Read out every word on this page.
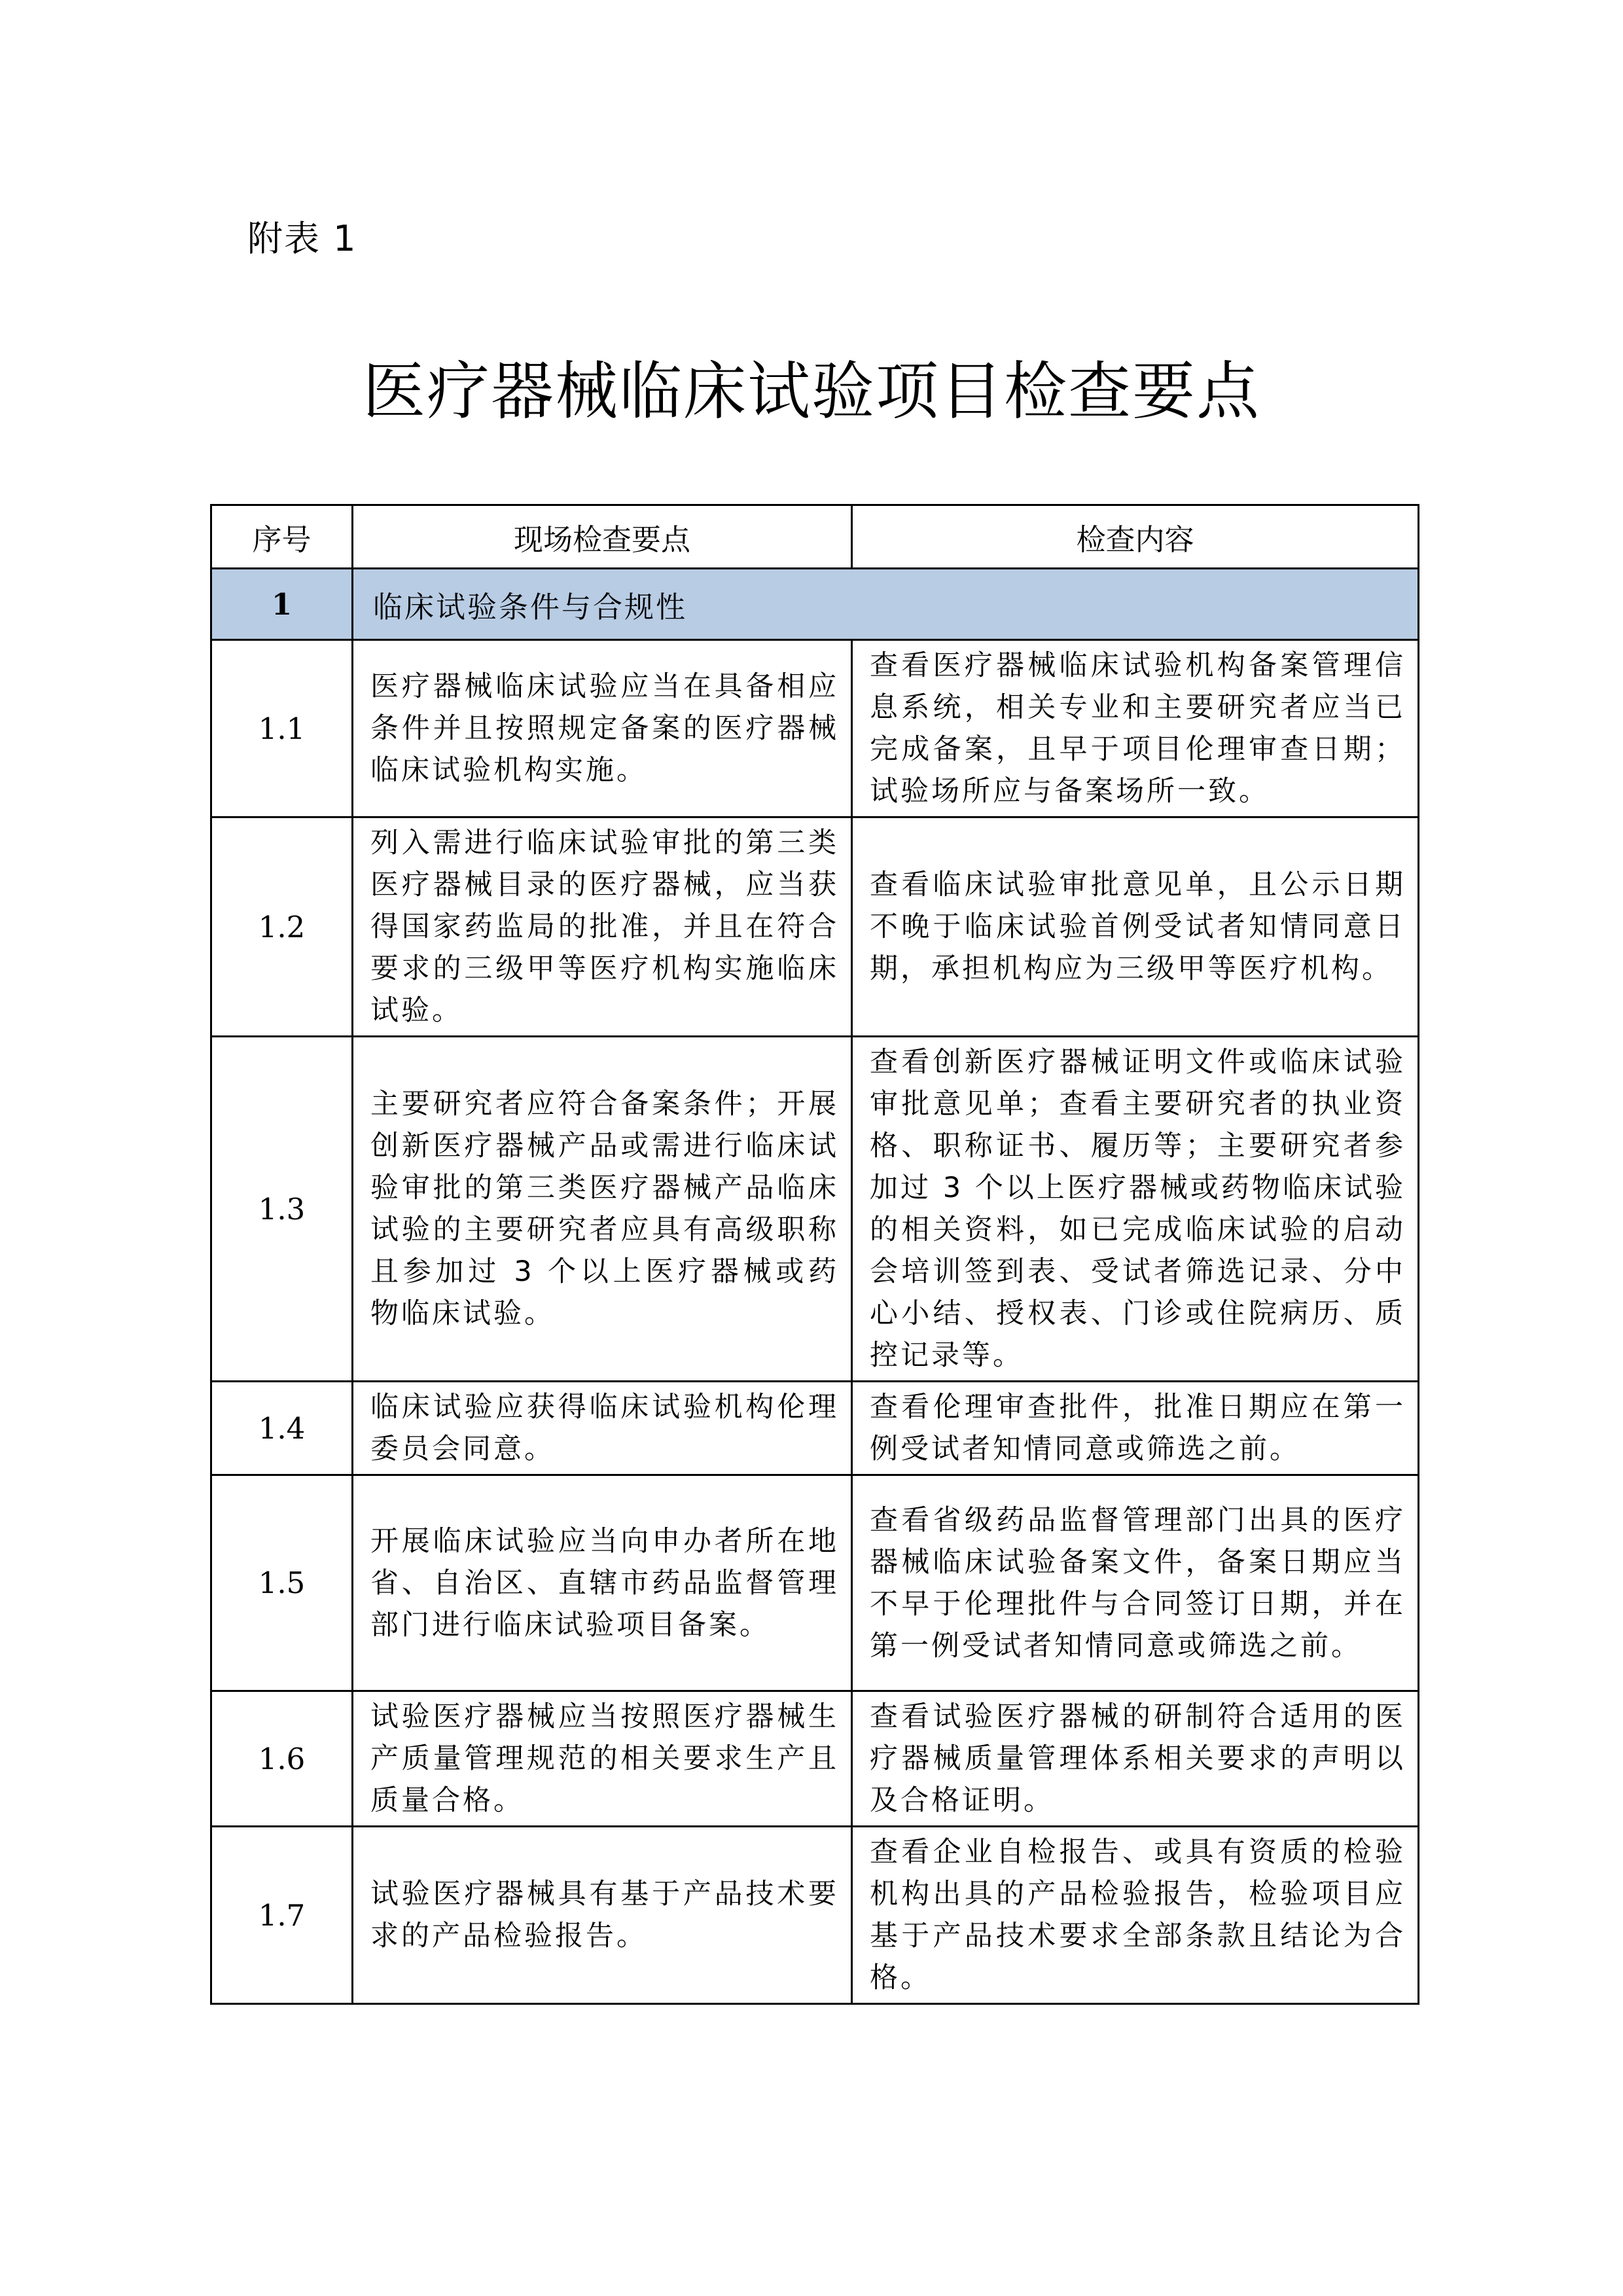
附表 1
医疗器械临床试验项目检查要点
序号	现场检查要点	检查内容
1	临床试验条件与合规性	
1.1	医疗器械临床试验应当在具备相应条件并且按照规定备案的医疗器械临床试验机构实施。	查看医疗器械临床试验机构备案管理信息系统，相关专业和主要研究者应当已完成备案，且早于项目伦理审查日期；试验场所应与备案场所一致。
1.2	列入需进行临床试验审批的第三类医疗器械目录的医疗器械，应当获得国家药监局的批准，并且在符合要求的三级甲等医疗机构实施临床试验。	查看临床试验审批意见单，且公示日期不晚于临床试验首例受试者知情同意日期，承担机构应为三级甲等医疗机构。
1.3	主要研究者应符合备案条件；开展创新医疗器械产品或需进行临床试验审批的第三类医疗器械产品临床试验的主要研究者应具有高级职称且参加过 3 个以上医疗器械或药物临床试验。	查看创新医疗器械证明文件或临床试验审批意见单；查看主要研究者的执业资格、职称证书、履历等；主要研究者参加过 3 个以上医疗器械或药物临床试验的相关资料，如已完成临床试验的启动会培训签到表、受试者筛选记录、分中心小结、授权表、门诊或住院病历、质控记录等。
1.4	临床试验应获得临床试验机构伦理委员会同意。	查看伦理审查批件，批准日期应在第一例受试者知情同意或筛选之前。
1.5	开展临床试验应当向申办者所在地省、自治区、直辖市药品监督管理部门进行临床试验项目备案。	查看省级药品监督管理部门出具的医疗器械临床试验备案文件，备案日期应当不早于伦理批件与合同签订日期，并在第一例受试者知情同意或筛选之前。
1.6	试验医疗器械应当按照医疗器械生产质量管理规范的相关要求生产且质量合格。	查看试验医疗器械的研制符合适用的医疗器械质量管理体系相关要求的声明以及合格证明。
1.7	试验医疗器械具有基于产品技术要求的产品检验报告。	查看企业自检报告、或具有资质的检验机构出具的产品检验报告，检验项目应基于产品技术要求全部条款且结论为合格。
